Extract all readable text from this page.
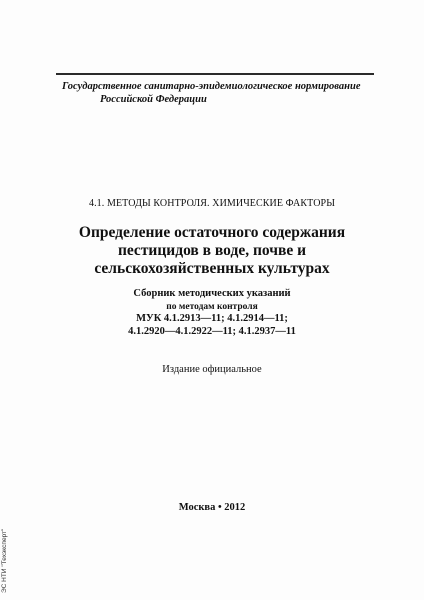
Государственное санитарно-эпидемиологическое нормирование
Российской Федерации
4.1. МЕТОДЫ КОНТРОЛЯ. ХИМИЧЕСКИЕ ФАКТОРЫ
Определение остаточного содержания
пестицидов в воде, почве и
сельскохозяйственных культурах
Сборник методических указаний
по методам контроля
МУК 4.1.2913—11; 4.1.2914—11;
4.1.2920—4.1.2922—11; 4.1.2937—11
Издание официальное
Москва • 2012
ЭС НТИ "Техэксперт"
